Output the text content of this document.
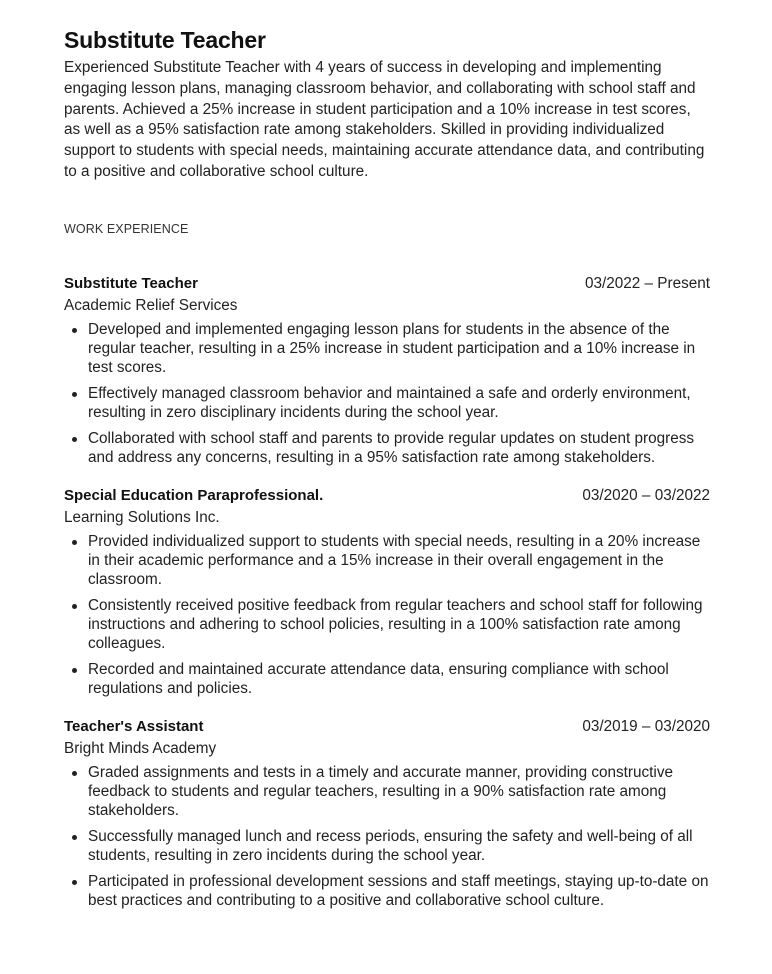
Substitute Teacher

Experienced Substitute Teacher with 4 years of success in developing and implementing engaging lesson plans, managing classroom behavior, and collaborating with school staff and parents. Achieved a 25% increase in student participation and a 10% increase in test scores, as well as a 95% satisfaction rate among stakeholders. Skilled in providing individualized support to students with special needs, maintaining accurate attendance data, and contributing to a positive and collaborative school culture.

WORK EXPERIENCE
Substitute Teacher	03/2022 – Present
Academic Relief Services
Developed and implemented engaging lesson plans for students in the absence of the regular teacher, resulting in a 25% increase in student participation and a 10% increase in test scores.
Effectively managed classroom behavior and maintained a safe and orderly environment, resulting in zero disciplinary incidents during the school year.
Collaborated with school staff and parents to provide regular updates on student progress and address any concerns, resulting in a 95% satisfaction rate among stakeholders.
Special Education Paraprofessional.	03/2020 – 03/2022
Learning Solutions Inc.
Provided individualized support to students with special needs, resulting in a 20% increase in their academic performance and a 15% increase in their overall engagement in the classroom.
Consistently received positive feedback from regular teachers and school staff for following instructions and adhering to school policies, resulting in a 100% satisfaction rate among colleagues.
Recorded and maintained accurate attendance data, ensuring compliance with school regulations and policies.
Teacher's Assistant	03/2019 – 03/2020
Bright Minds Academy
Graded assignments and tests in a timely and accurate manner, providing constructive feedback to students and regular teachers, resulting in a 90% satisfaction rate among stakeholders.
Successfully managed lunch and recess periods, ensuring the safety and well-being of all students, resulting in zero incidents during the school year.
Participated in professional development sessions and staff meetings, staying up-to-date on best practices and contributing to a positive and collaborative school culture.
